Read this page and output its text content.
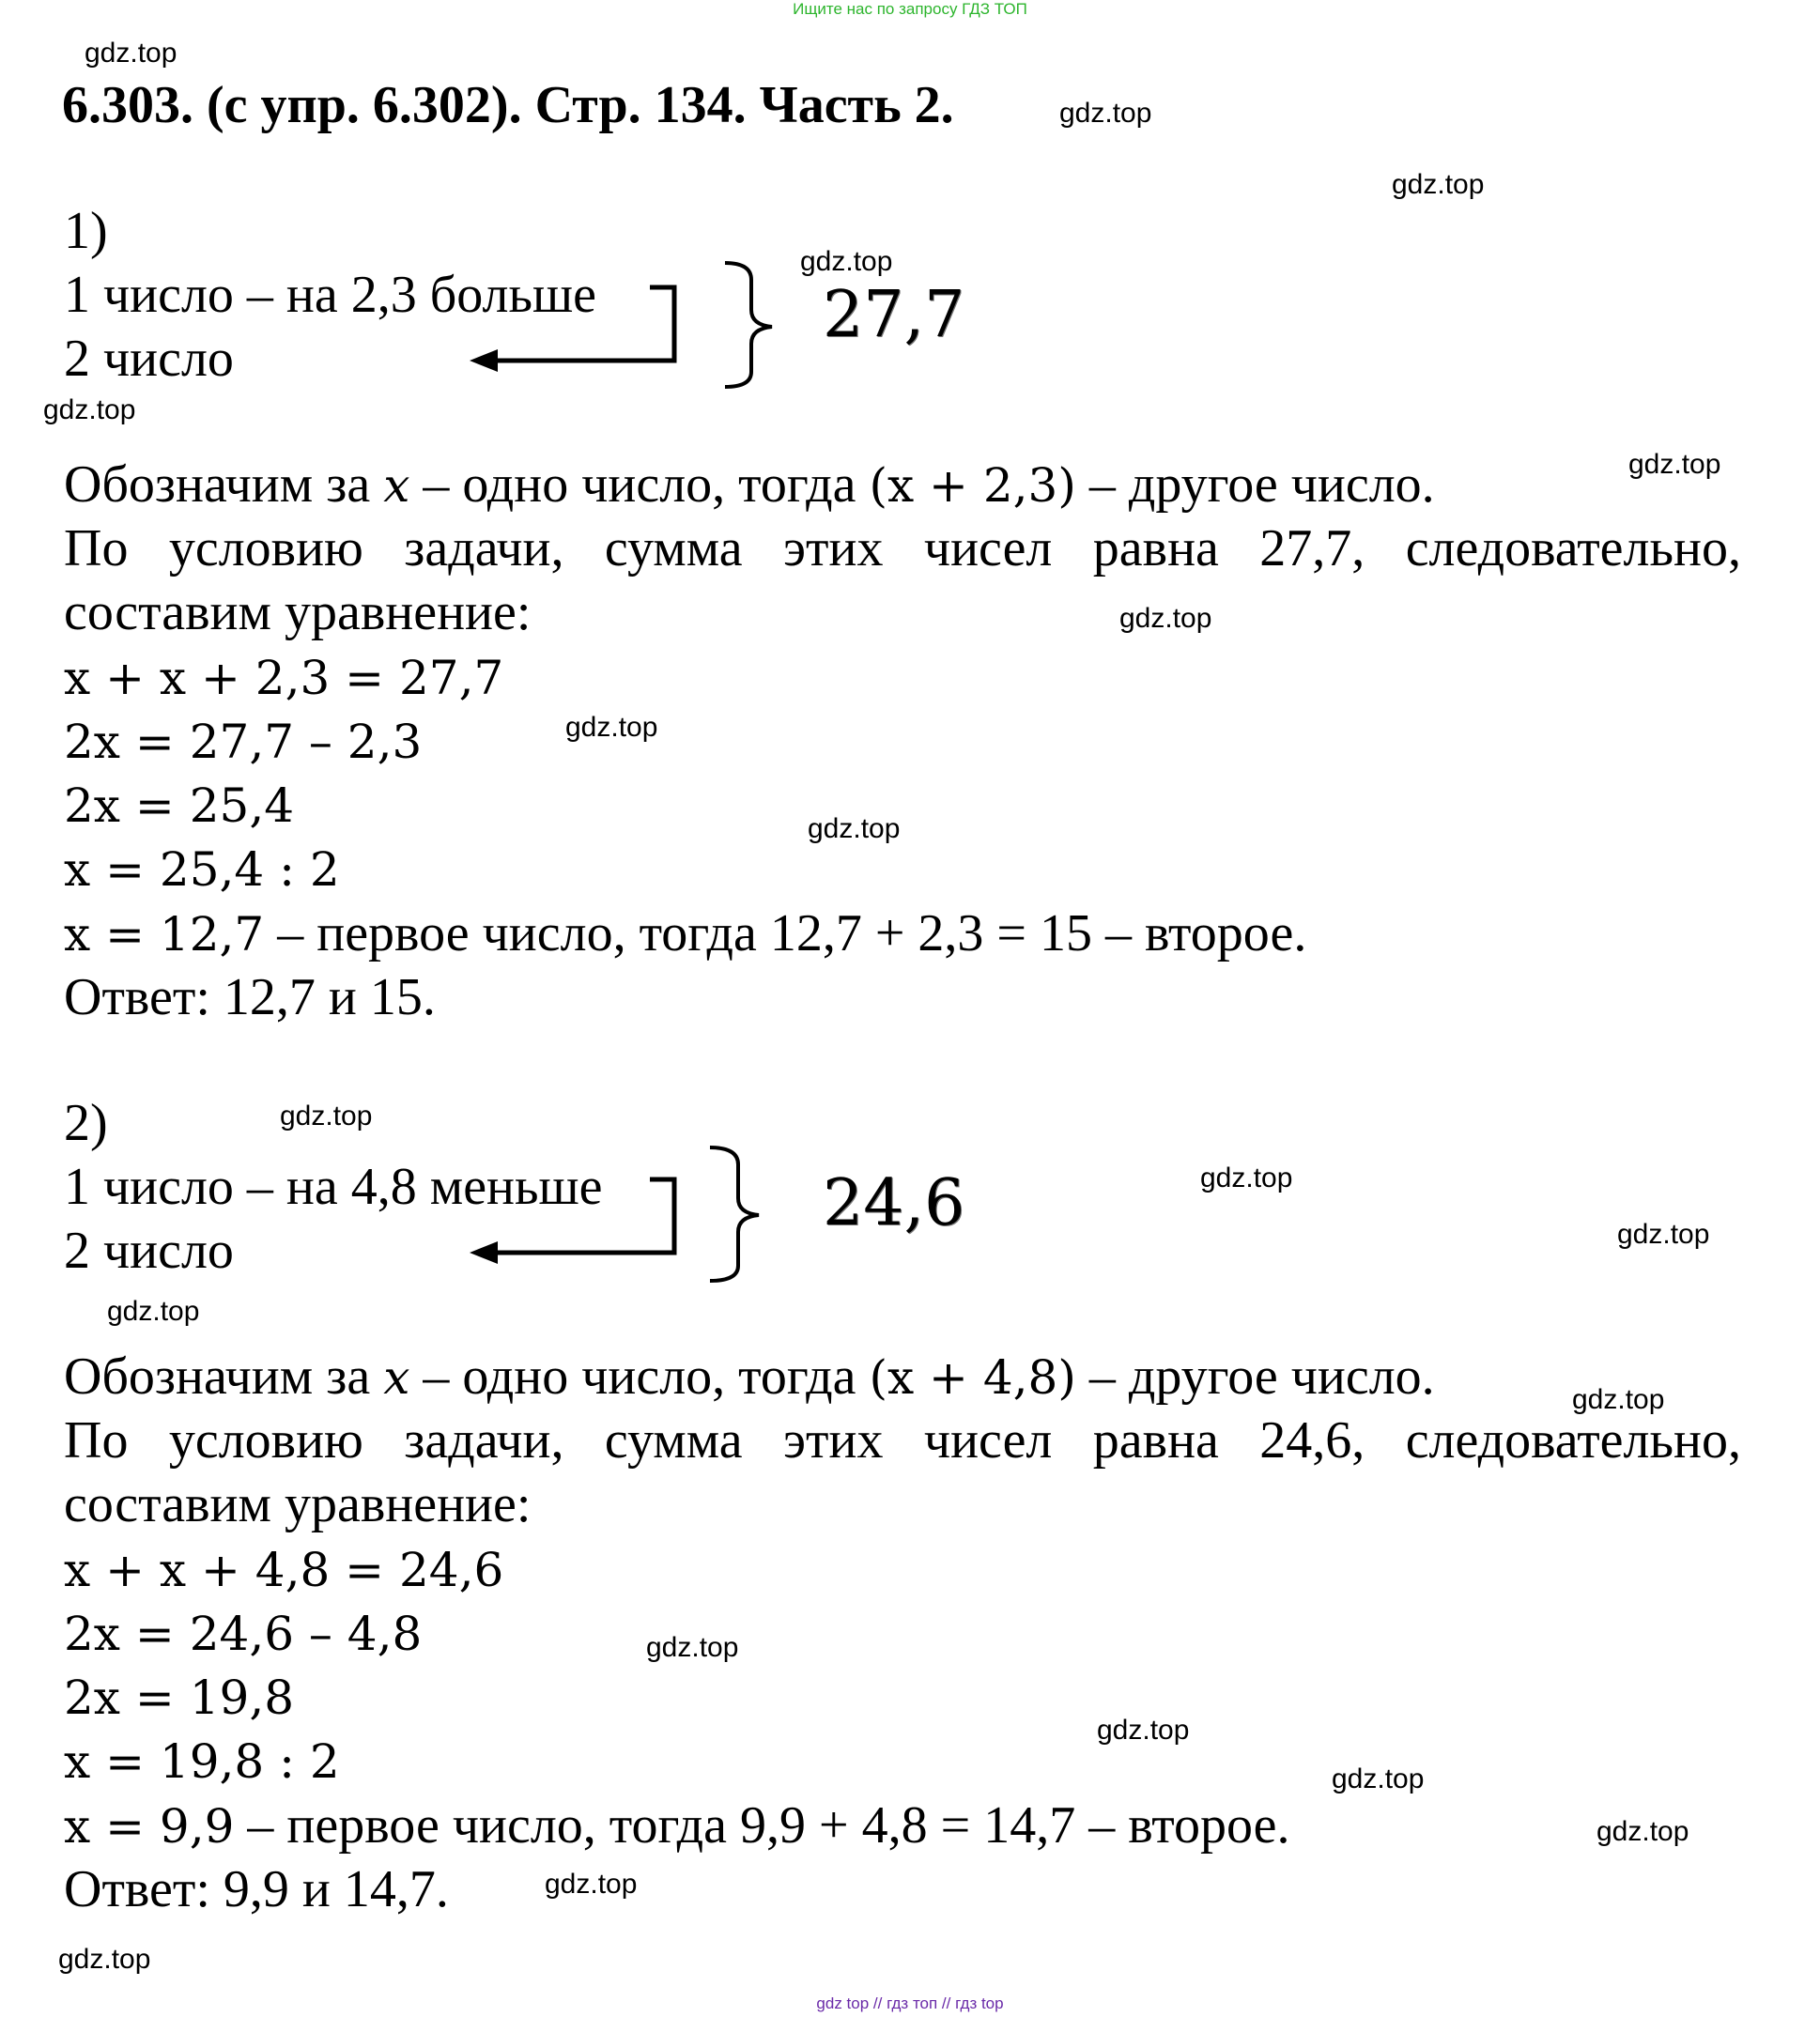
Ищите нас по запросу ГДЗ ТОП
gdz.top
gdz.top
gdz.top
gdz.top
gdz.top
gdz.top
gdz.top
gdz.top
gdz.top
gdz.top
gdz.top
gdz.top
gdz.top
gdz.top
gdz.top
gdz.top
gdz.top
gdz.top
gdz.top
gdz.top
6.303. (с упр. 6.302). Стр. 134. Часть 2.
1)
1 число – на 2,3 больше
2 число
27,7
Обозначим за x – одно число, тогда (x + 2,3) – другое число.
По условию задачи, сумма этих чисел равна 27,7, следовательно,
составим уравнение:
x + x + 2,3 = 27,7
2x = 27,7 – 2,3
2x = 25,4
x = 25,4 : 2
x = 12,7 – первое число, тогда 12,7 + 2,3 = 15 – второе.
Ответ: 12,7 и 15.
2)
1 число – на 4,8 меньше
2 число
24,6
Обозначим за x – одно число, тогда (x + 4,8) – другое число.
По условию задачи, сумма этих чисел равна 24,6, следовательно,
составим уравнение:
x + x + 4,8 = 24,6
2x = 24,6 – 4,8
2x = 19,8
x = 19,8 : 2
x = 9,9 – первое число, тогда 9,9 + 4,8 = 14,7 – второе.
Ответ: 9,9 и 14,7.
gdz top // гдз топ // гдз top
